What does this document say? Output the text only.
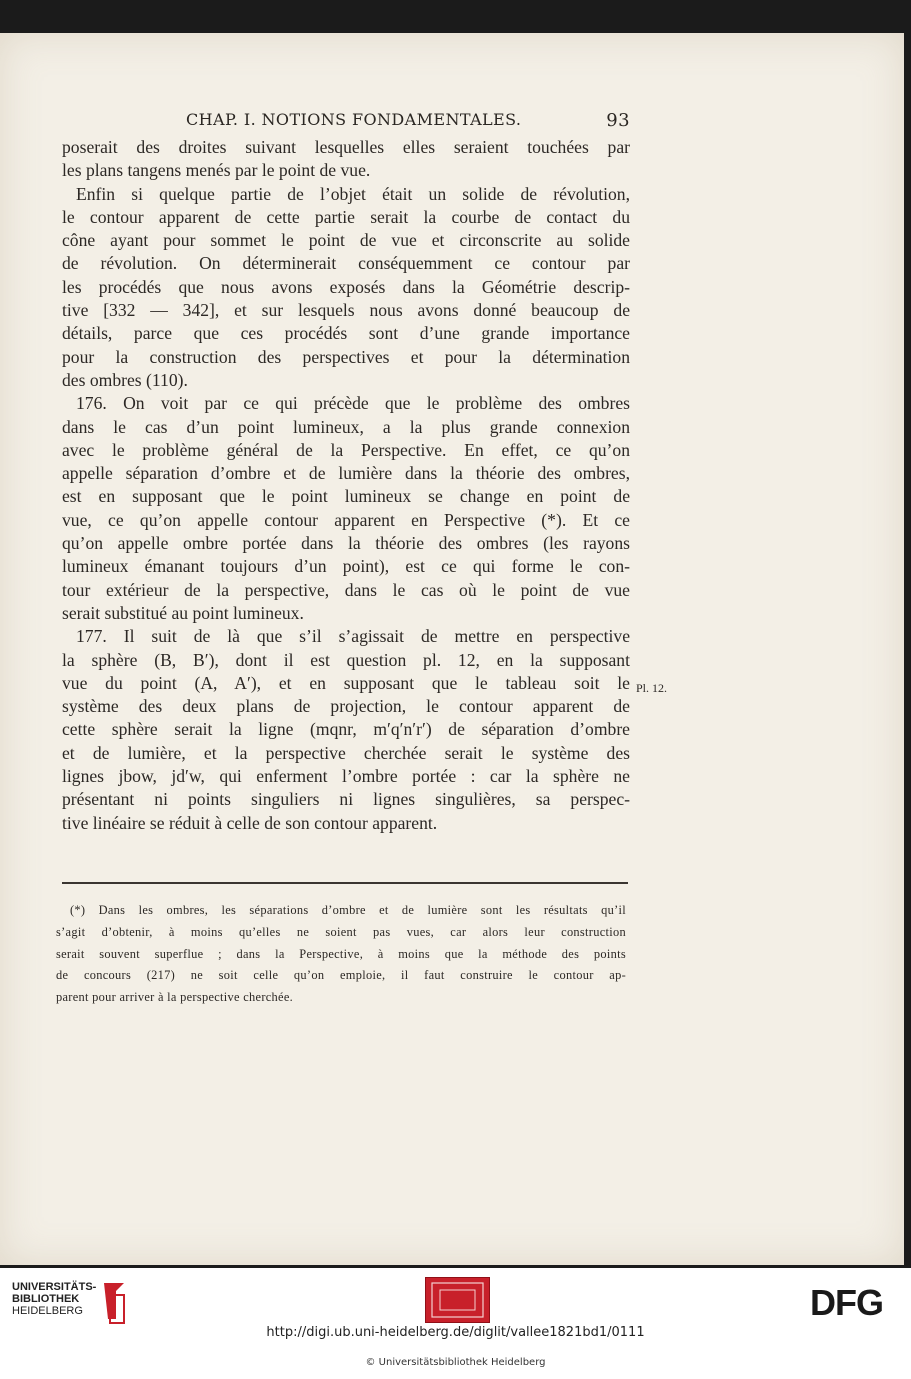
CHAP. I. NOTIONS FONDAMENTALES.	93
poserait des droites suivant lesquelles elles seraient touchées par
les plans tangens menés par le point de vue.
Enfin si quelque partie de l’objet était un solide de révolution,
le contour apparent de cette partie serait la courbe de contact du
cône ayant pour sommet le point de vue et circonscrite au solide
de révolution. On déterminerait conséquemment ce contour par
les procédés que nous avons exposés dans la Géométrie descrip-
tive [332 — 342], et sur lesquels nous avons donné beaucoup de
détails, parce que ces procédés sont d’une grande importance
pour la construction des perspectives et pour la détermination
des ombres (110).
176. On voit par ce qui précède que le problème des ombres
dans le cas d’un point lumineux, a la plus grande connexion
avec le problème général de la Perspective. En effet, ce qu’on
appelle séparation d’ombre et de lumière dans la théorie des ombres,
est en supposant que le point lumineux se change en point de
vue, ce qu’on appelle contour apparent en Perspective (*). Et ce
qu’on appelle ombre portée dans la théorie des ombres (les rayons
lumineux émanant toujours d’un point), est ce qui forme le con-
tour extérieur de la perspective, dans le cas où le point de vue
serait substitué au point lumineux.
177. Il suit de là que s’il s’agissait de mettre en perspective
la sphère (B, B′), dont il est question pl. 12, en la supposant
vue du point (A, A′), et en supposant que le tableau soit le
système des deux plans de projection, le contour apparent de
cette sphère serait la ligne (mqnr, m′q′n′r′) de séparation d’ombre
et de lumière, et la perspective cherchée serait le système des
lignes jbow, jd′w, qui enferment l’ombre portée : car la sphère ne
présentant ni points singuliers ni lignes singulières, sa perspec-
tive linéaire se réduit à celle de son contour apparent.
Pl. 12.
(*) Dans les ombres, les séparations d’ombre et de lumière sont les résultats qu’il
s’agit d’obtenir, à moins qu’elles ne soient pas vues, car alors leur construction
serait souvent superflue ; dans la Perspective, à moins que la méthode des points
de concours (217) ne soit celle qu’on emploie, il faut construire le contour ap-
parent pour arriver à la perspective cherchée.
UNIVERSITÄTS-
BIBLIOTHEK
HEIDELBERG	DFG
http://digi.ub.uni-heidelberg.de/diglit/vallee1821bd1/0111
© Universitätsbibliothek Heidelberg
